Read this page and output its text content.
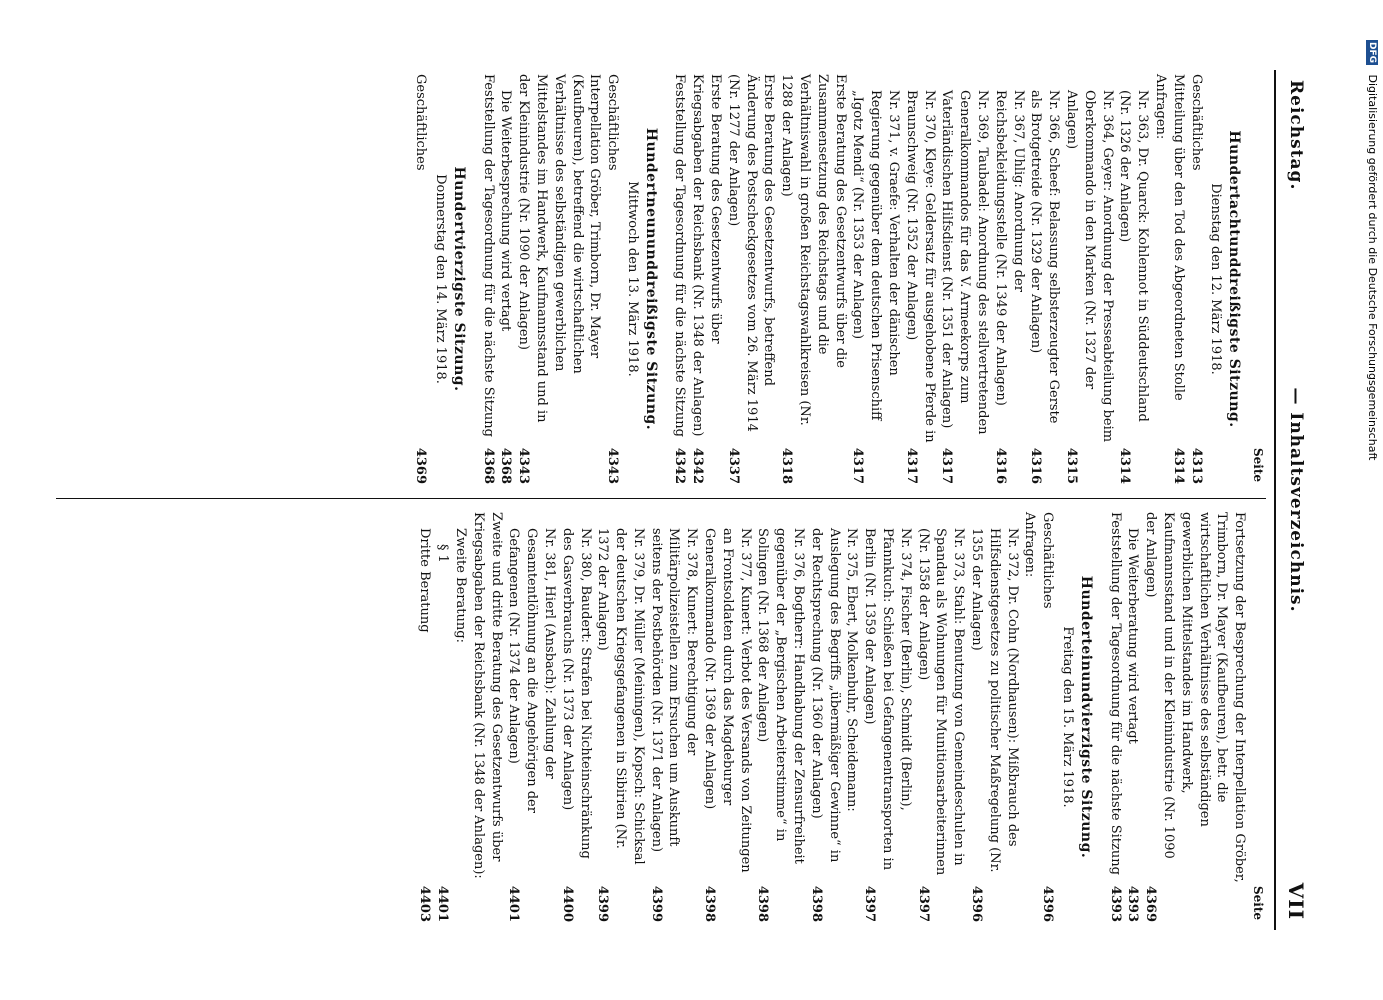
Reichstag.
— Inhaltsverzeichnis.
VII
Seite
Hundertachtunddreißigste Sitzung.
Dienstag den 12. März 1918.
Geschäftliches
4313
Mitteilung über den Tod des Abgeordneten Stolle
4314
Anfragen:
Nr. 363, Dr. Quarck: Kohlennot in Süddeutschland (Nr. 1326 der Anlagen)
4314
Nr. 364, Geyer: Anordnung der Presseabteilung beim Oberkommando in den Marken (Nr. 1327 der Anlagen)
4315
Nr. 366, Scheef: Belassung selbsterzeugter Gerste als Brotgetreide (Nr. 1329 der Anlagen)
4316
Nr. 367, Uhlig: Anordnung der Reichsbekleidungsstelle (Nr. 1349 der Anlagen)
4316
Nr. 369, Taubadel: Anordnung des stellvertretenden Generalkommandos für das V. Armeekorps zum Vaterländischen Hilfsdienst (Nr. 1351 der Anlagen)
4317
Nr. 370, Kleye: Geldersatz für ausgehobene Pferde in Braunschweig (Nr. 1352 der Anlagen)
4317
Nr. 371, v. Graefe: Verhalten der dänischen Regierung gegenüber dem deutschen Prisenschiff „Igotz Mendi“ (Nr. 1353 der Anlagen)
4317
Erste Beratung des Gesetzentwurfs über die Zusammensetzung des Reichstags und die Verhältniswahl in großen Reichstagswahlkreisen (Nr. 1288 der Anlagen)
4318
Erste Beratung des Gesetzentwurfs, betreffend Änderung des Postscheckgesetzes vom 26. März 1914 (Nr. 1277 der Anlagen)
4337
Erste Beratung des Gesetzentwurfs über Kriegsabgaben der Reichsbank (Nr. 1348 der Anlagen)
4342
Feststellung der Tagesordnung für die nächste Sitzung
4342
Hundertneununddreißigste Sitzung.
Mittwoch den 13. März 1918.
Geschäftliches
4343
Interpellation Gröber, Trimborn, Dr. Mayer (Kaufbeuren), betreffend die wirtschaftlichen Verhältnisse des selbständigen gewerblichen Mittelstandes im Handwerk, Kaufmannsstand und in der Kleinindustrie (Nr. 1090 der Anlagen)
4343
Die Weiterbesprechung wird vertagt
4368
Feststellung der Tagesordnung für die nächste Sitzung
4368
Hundertvierzigste Sitzung.
Donnerstag den 14. März 1918.
Geschäftliches
4369
Seite
Fortsetzung der Besprechung der Interpellation Gröber, Trimborn, Dr. Mayer (Kaufbeuren), betr. die wirtschaftlichen Verhältnisse des selbständigen gewerblichen Mittelstandes im Handwerk, Kaufmannsstand und in der Kleinindustrie (Nr. 1090 der Anlagen)
4369
Die Weiterberatung wird vertagt
4393
Feststellung der Tagesordnung für die nächste Sitzung
4393
Hunderteinundvierzigste Sitzung.
Freitag den 15. März 1918.
Geschäftliches
4396
Anfragen:
Nr. 372, Dr. Cohn (Nordhausen): Mißbrauch des Hilfsdienstgesetzes zu politischer Maßregelung (Nr. 1355 der Anlagen)
4396
Nr. 373, Stahl: Benutzung von Gemeindeschulen in Spandau als Wohnungen für Munitionsarbeiterinnen (Nr. 1358 der Anlagen)
4397
Nr. 374, Fischer (Berlin), Schmidt (Berlin), Pfannkuch: Schießen bei Gefangenentransporten in Berlin (Nr. 1359 der Anlagen)
4397
Nr. 375, Ebert, Molkenbuhr, Scheidemann: Auslegung des Begriffs „übermäßiger Gewinne“ in der Rechtsprechung (Nr. 1360 der Anlagen)
4398
Nr. 376, Bogtherr: Handhabung der Zensurfreiheit gegenüber der „Bergischen Arbeiterstimme“ in Solingen (Nr. 1368 der Anlagen)
4398
Nr. 377, Kunert: Verbot des Versands von Zeitungen an Frontsoldaten durch das Magdeburger Generalkommando (Nr. 1369 der Anlagen)
4398
Nr. 378, Kunert: Berechtigung der Militärpolizeistellen zum Ersuchen um Auskunft seitens der Postbehörden (Nr. 1371 der Anlagen)
4399
Nr. 379, Dr. Müller (Meiningen), Kopsch: Schicksal der deutschen Kriegsgefangenen in Sibirien (Nr. 1372 der Anlagen)
4399
Nr. 380, Baudert: Strafen bei Nichteinschränkung des Gasverbrauchs (Nr. 1373 der Anlagen)
4400
Nr. 381, Hierl (Ansbach): Zahlung der Gesamtentlöhnung an die Angehörigen der Gefangenen (Nr. 1374 der Anlagen)
4401
Zweite und dritte Beratung des Gesetzentwurfs über Kriegsabgaben der Reichsbank (Nr. 1348 der Anlagen):
Zweite Beratung:
§ 1
4401
Dritte Beratung
4403
DFG Digitalisierung gefördert durch die Deutsche Forschungsgemeinschaft
